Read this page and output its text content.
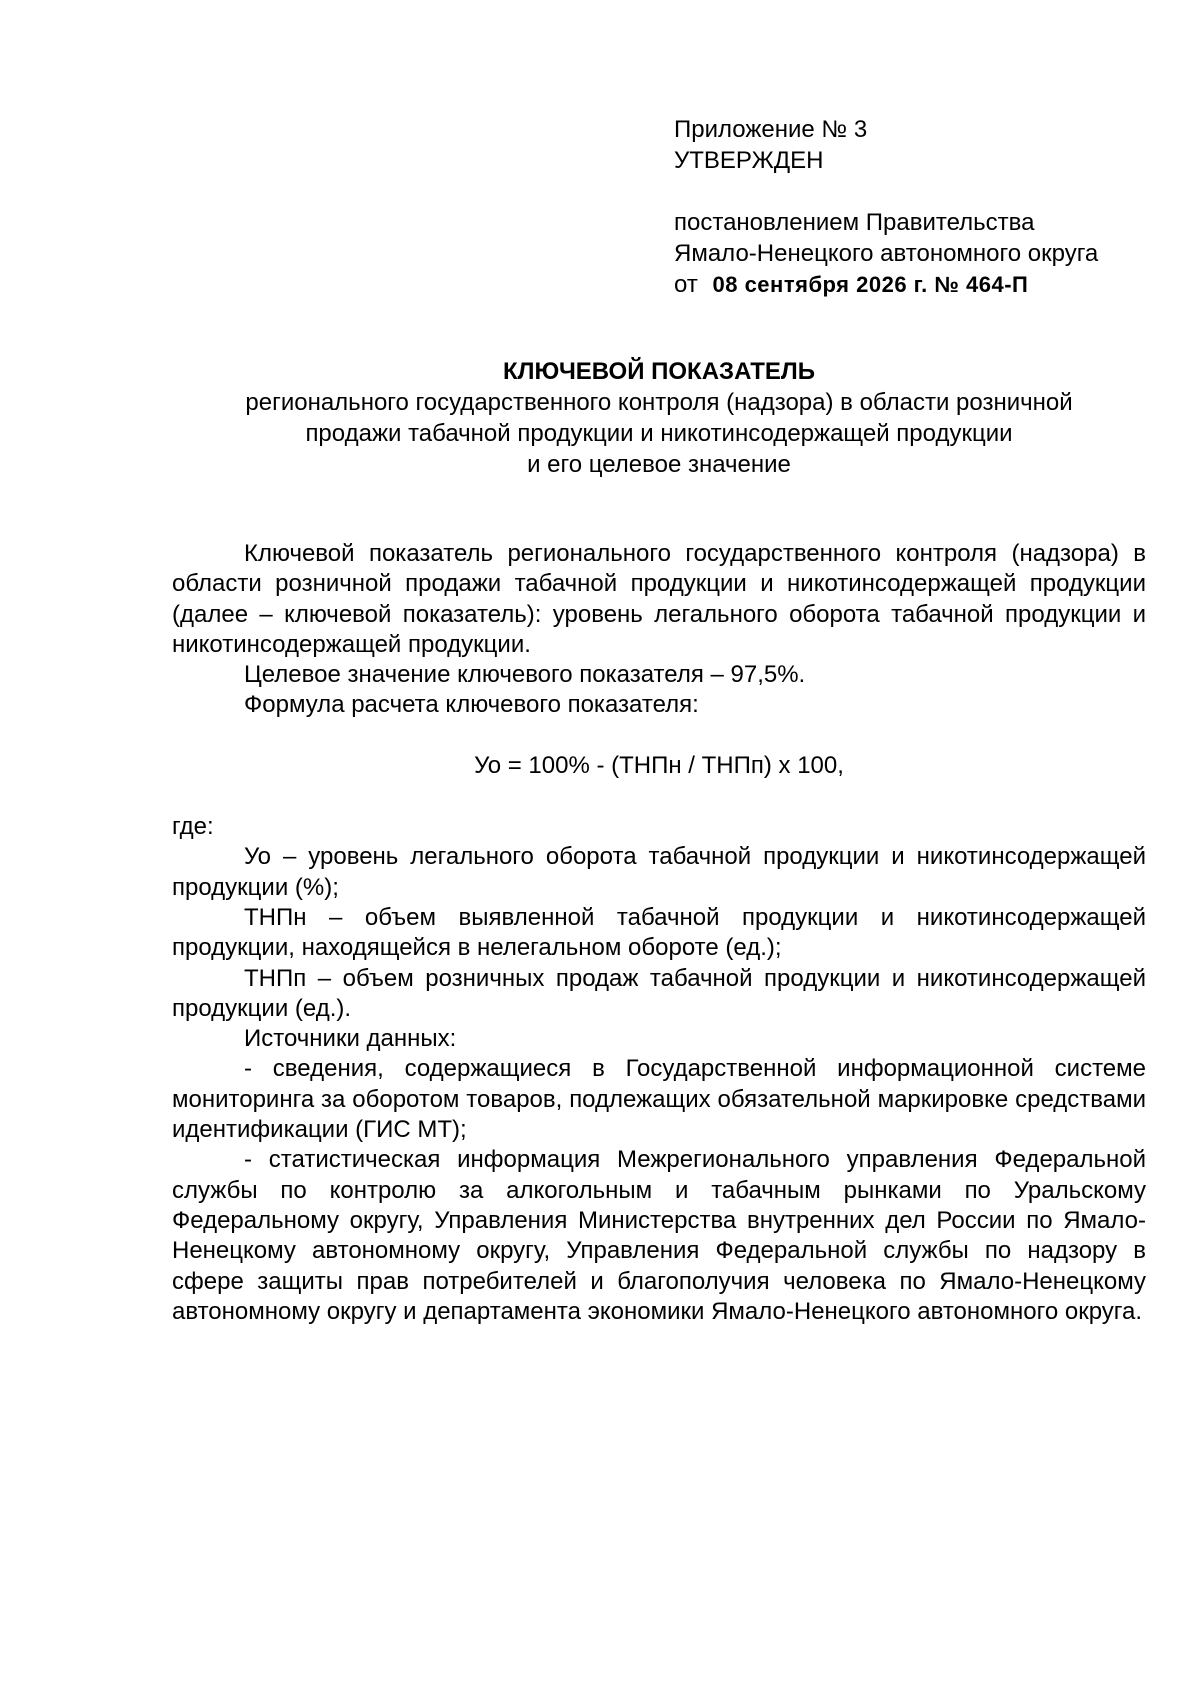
Приложение № 3
УТВЕРЖДЕН
постановлением Правительства
Ямало-Ненецкого автономного округа
от 08 сентября 2026 г. № 464-П
КЛЮЧЕВОЙ ПОКАЗАТЕЛЬ
регионального государственного контроля (надзора) в области розничной
продажи табачной продукции и никотинсодержащей продукции
и его целевое значение

Ключевой показатель регионального государственного контроля (надзора) в области розничной продажи табачной продукции и никотинсодержащей продукции (далее – ключевой показатель): уровень легального оборота табачной продукции и никотинсодержащей продукции.

Целевое значение ключевого показателя – 97,5%.

Формула расчета ключевого показателя:

Уо = 100% - (ТНПн / ТНПп) х 100,

где:

Уо – уровень легального оборота табачной продукции и никотинсодержащей продукции (%);

ТНПн – объем выявленной табачной продукции и никотинсодержащей продукции, находящейся в нелегальном обороте (ед.);

ТНПп – объем розничных продаж табачной продукции и никотинсодержащей продукции (ед.).

Источники данных:

- сведения, содержащиеся в Государственной информационной системе мониторинга за оборотом товаров, подлежащих обязательной маркировке средствами идентификации (ГИС МТ);

- статистическая информация Межрегионального управления Федеральной службы по контролю за алкогольным и табачным рынками по Уральскому Федеральному округу, Управления Министерства внутренних дел России по Ямало-Ненецкому автономному округу, Управления Федеральной службы по надзору в сфере защиты прав потребителей и благополучия человека по Ямало-Ненецкому автономному округу и департамента экономики Ямало-Ненецкого автономного округа.
